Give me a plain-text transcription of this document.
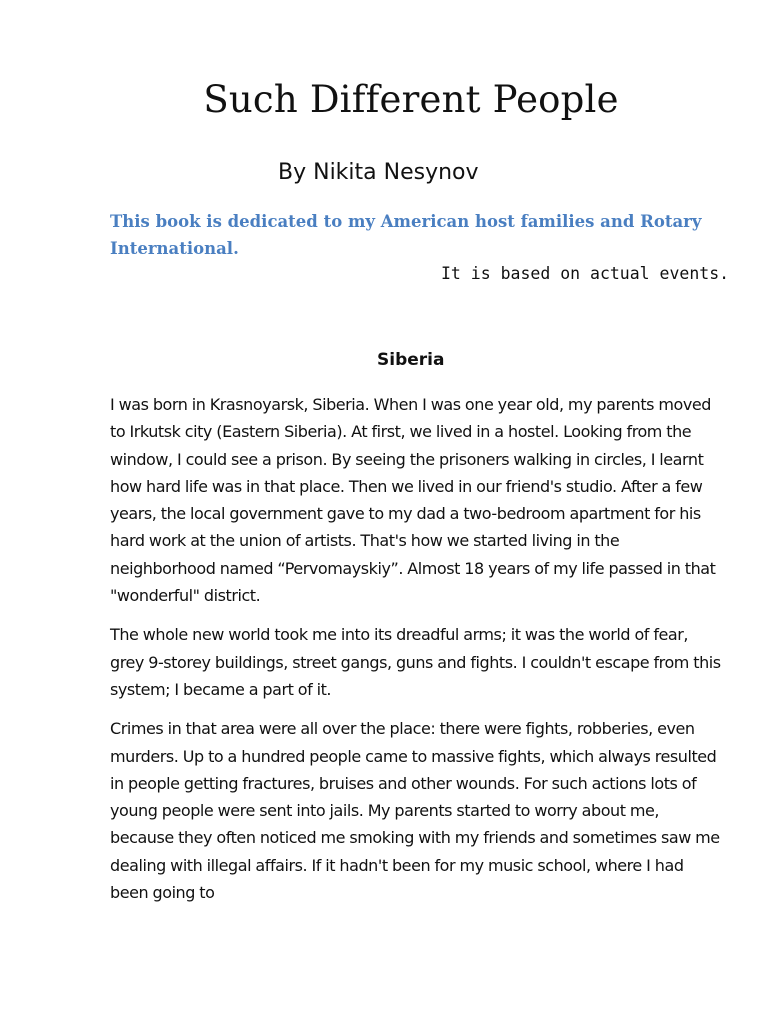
Such Different People
By Nikita Nesynov

This book is dedicated to my American host families and Rotary International.

It is based on actual events.
Siberia

I was born in Krasnoyarsk, Siberia. When I was one year old, my parents moved to Irkutsk city (Eastern Siberia). At first, we lived in a hostel. Looking from the window, I could see a prison. By seeing the prisoners walking in circles, I learnt how hard life was in that place. Then we lived in our friend's studio. After a few years, the local government gave to my dad a two-bedroom apartment for his hard work at the union of artists. That's how we started living in the neighborhood named “Pervomayskiy”. Almost 18 years of my life passed in that "wonderful" district.

The whole new world took me into its dreadful arms; it was the world of fear, grey 9-storey buildings, street gangs, guns and fights. I couldn't escape from this system; I became a part of it.

Crimes in that area were all over the place: there were fights, robberies, even murders. Up to a hundred people came to massive fights, which always resulted in people getting fractures, bruises and other wounds. For such actions lots of young people were sent into jails. My parents started to worry about me, because they often noticed me smoking with my friends and sometimes saw me dealing with illegal affairs. If it hadn't been for my music school, where I had been going to
